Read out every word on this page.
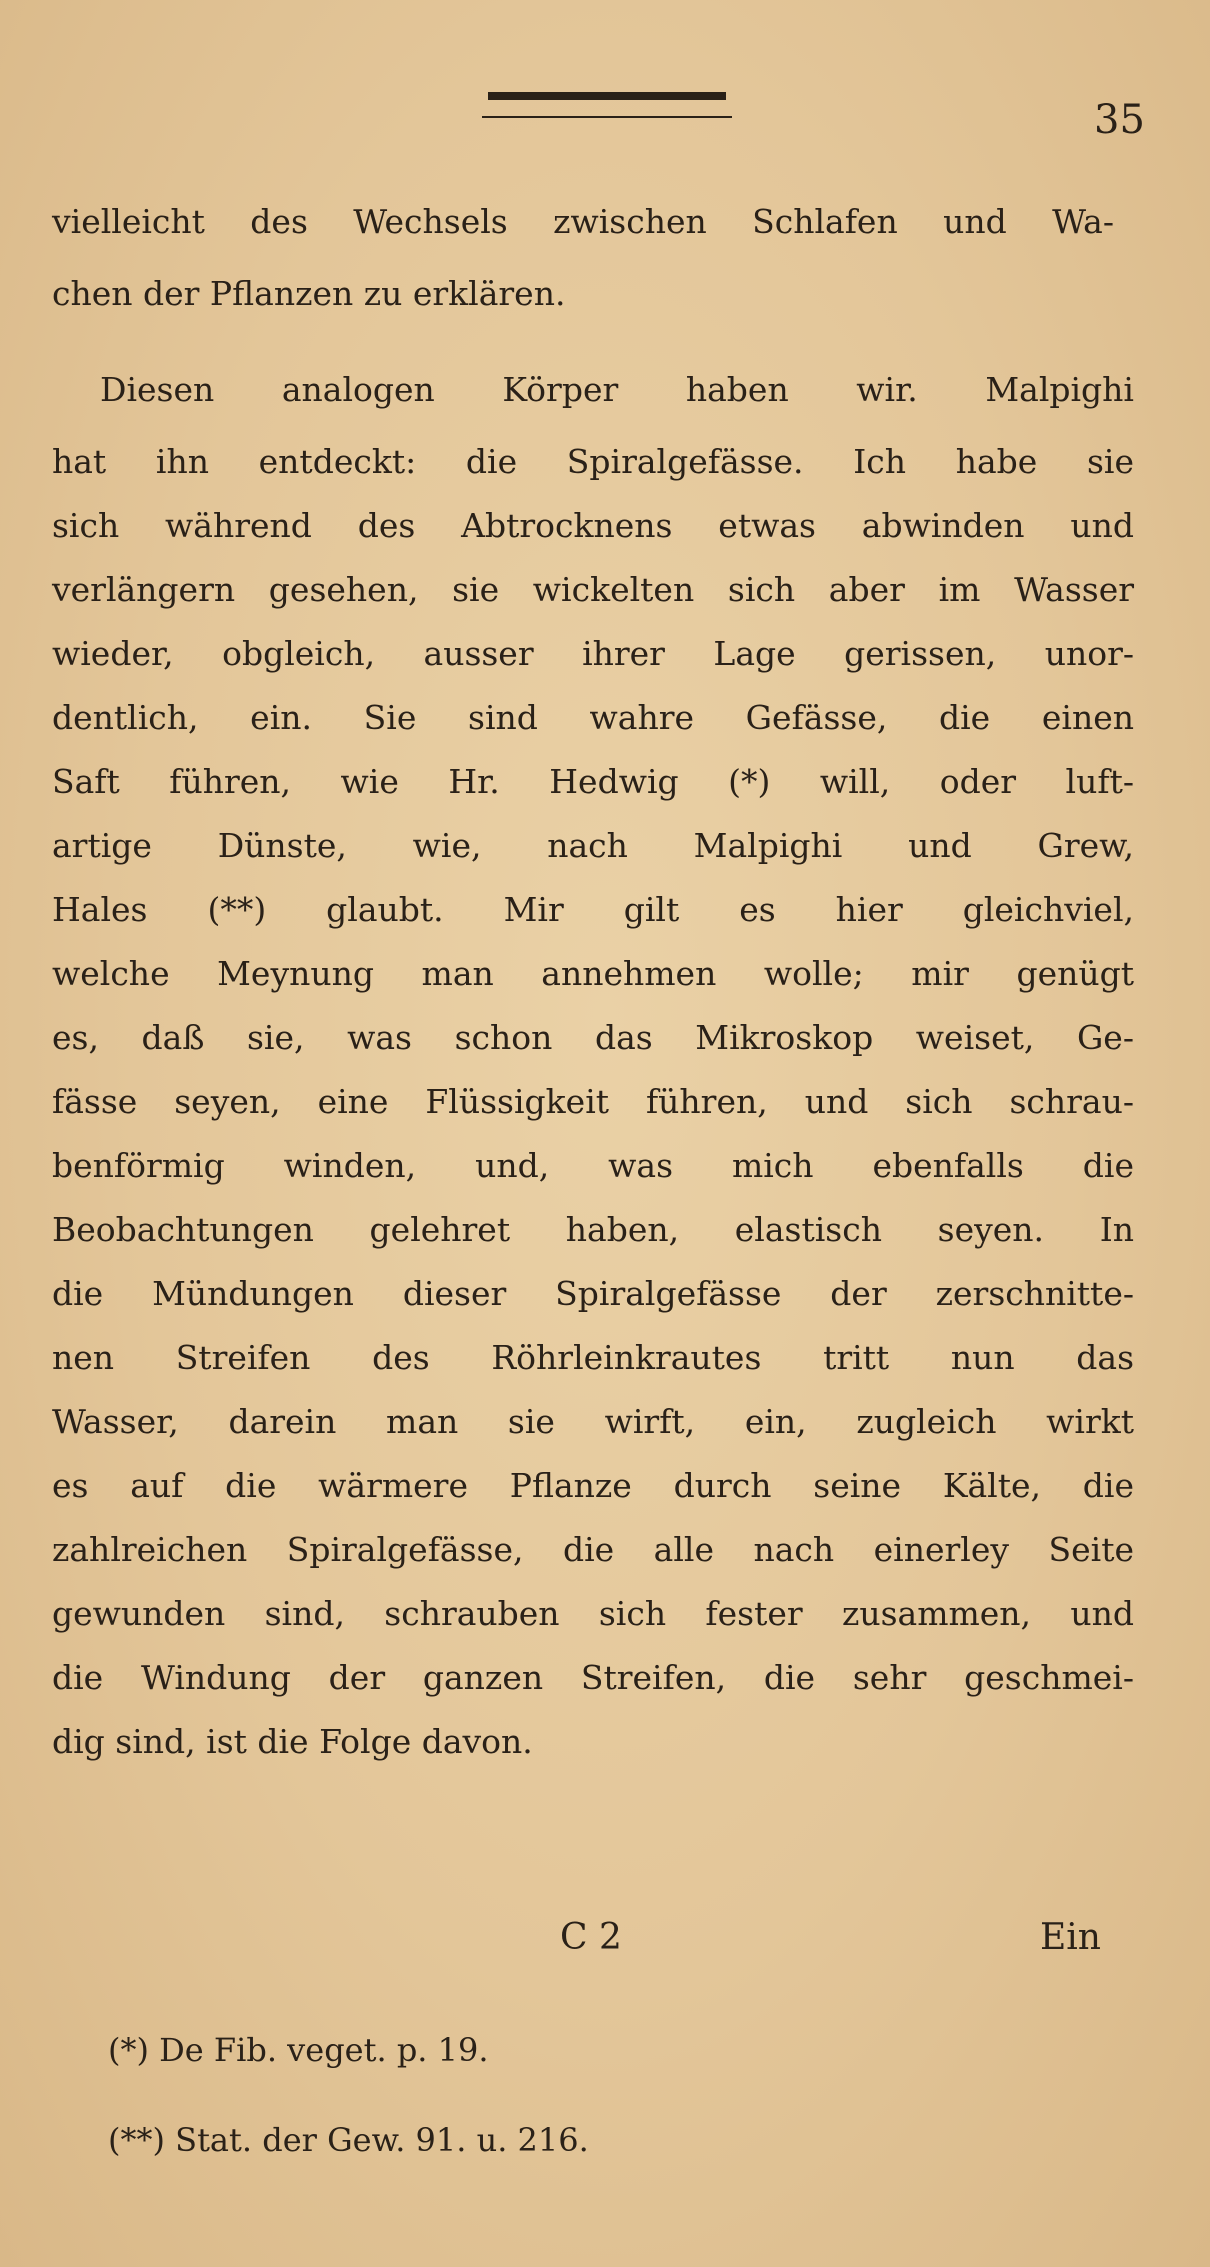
35
vielleicht des Wechsels zwischen Schlafen und Wa-
chen der Pflanzen zu erklären.
Diesen analogen Körper haben wir. Malpighi
hat ihn entdeckt: die Spiralgefässe. Ich habe sie
sich während des Abtrocknens etwas abwinden und
verlängern gesehen, sie wickelten sich aber im Wasser
wieder, obgleich, ausser ihrer Lage gerissen, unor-
dentlich, ein. Sie sind wahre Gefässe, die einen
Saft führen, wie Hr. Hedwig (*) will, oder luft-
artige Dünste, wie, nach Malpighi und Grew,
Hales (**) glaubt. Mir gilt es hier gleichviel,
welche Meynung man annehmen wolle; mir genügt
es, daß sie, was schon das Mikroskop weiset, Ge-
fässe seyen, eine Flüssigkeit führen, und sich schrau-
benförmig winden, und, was mich ebenfalls die
Beobachtungen gelehret haben, elastisch seyen. In
die Mündungen dieser Spiralgefässe der zerschnitte-
nen Streifen des Röhrleinkrautes tritt nun das
Wasser, darein man sie wirft, ein, zugleich wirkt
es auf die wärmere Pflanze durch seine Kälte, die
zahlreichen Spiralgefässe, die alle nach einerley Seite
gewunden sind, schrauben sich fester zusammen, und
die Windung der ganzen Streifen, die sehr geschmei-
dig sind, ist die Folge davon.
C 2	Ein
(*) De Fib. veget. p. 19.
(**) Stat. der Gew. 91. u. 216.
